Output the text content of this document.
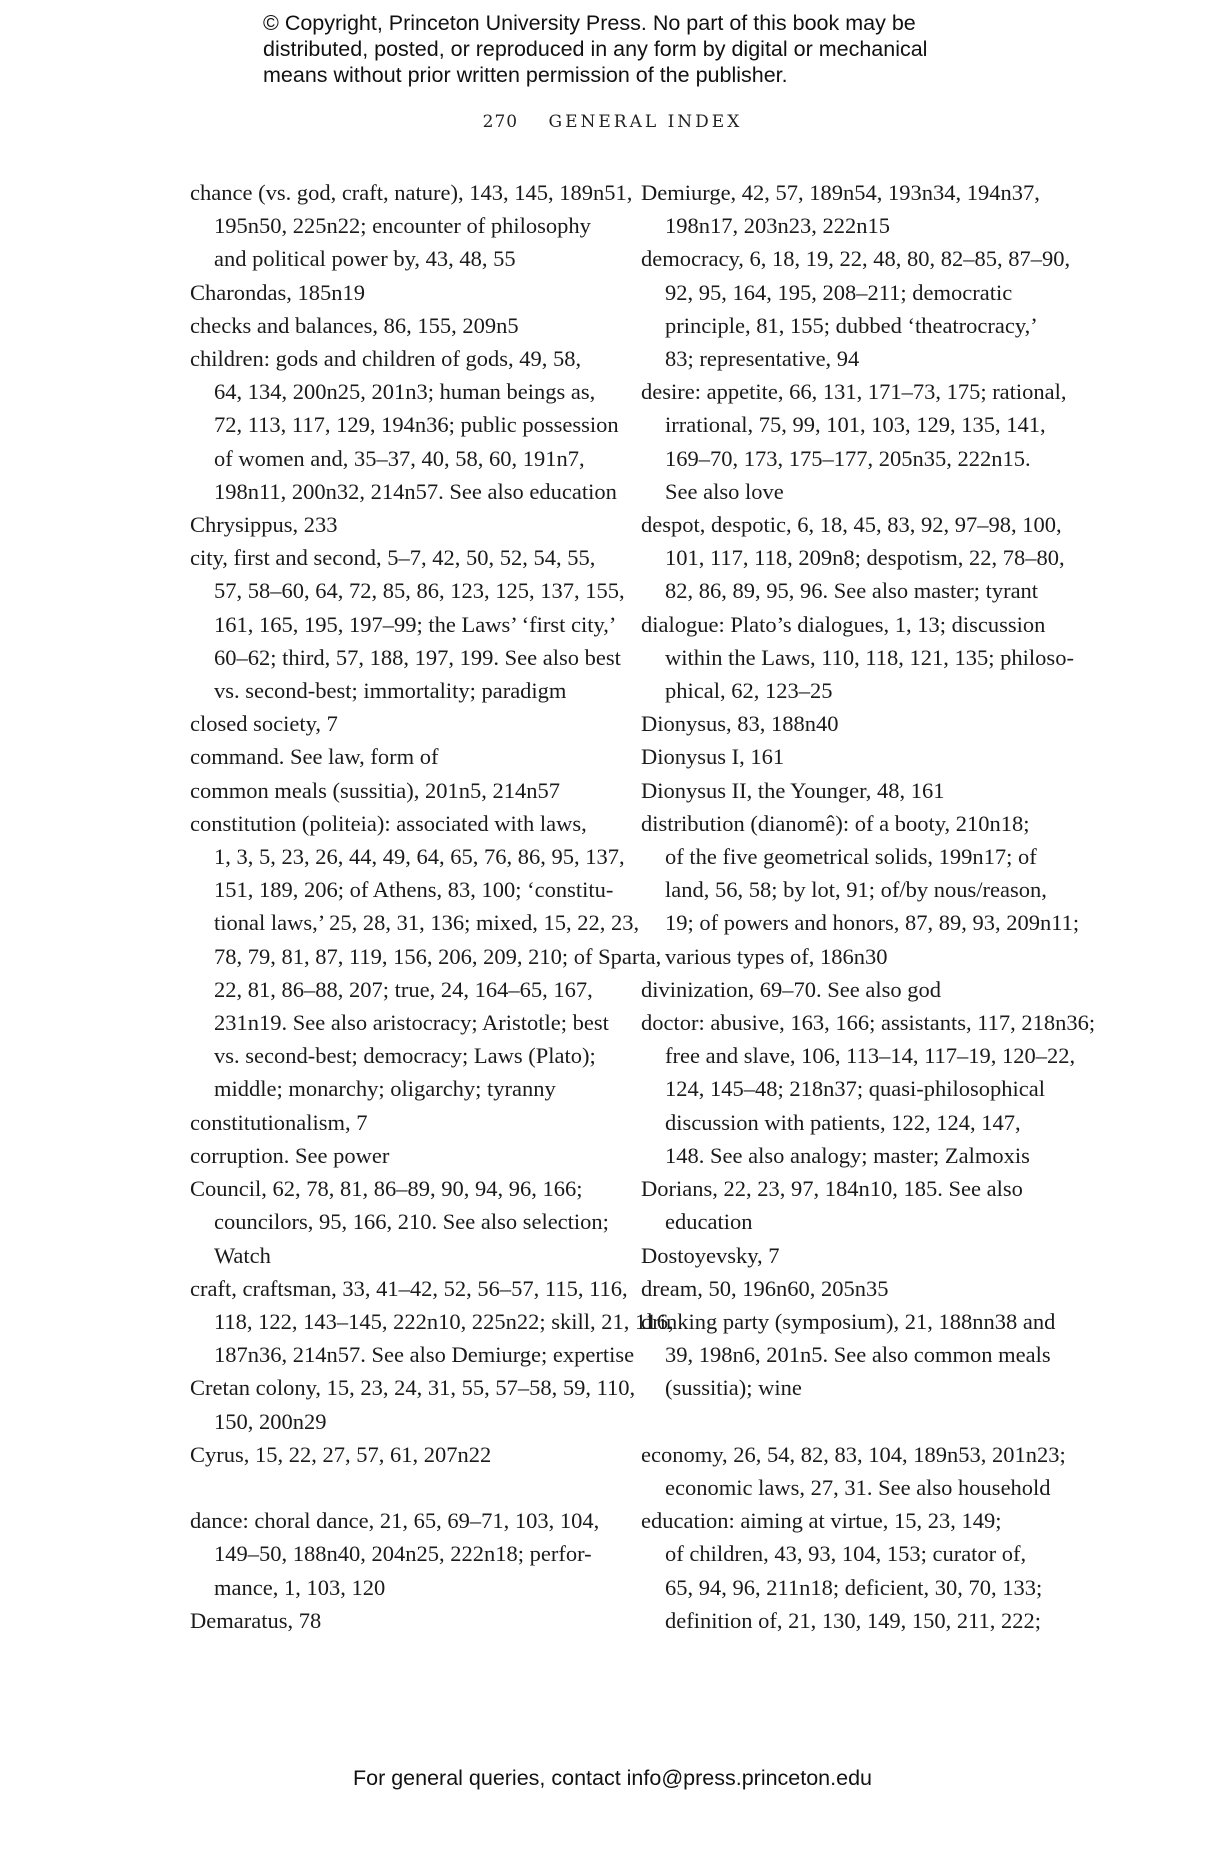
© Copyright, Princeton University Press. No part of this book may be
distributed, posted, or reproduced in any form by digital or mechanical
means without prior written permission of the publisher.
270 GENERAL INDEX
chance (vs. god, craft, nature), 143, 145, 189n51,
195n50, 225n22; encounter of philosophy
and political power by, 43, 48, 55
Charondas, 185n19
checks and balances, 86, 155, 209n5
children: gods and children of gods, 49, 58,
64, 134, 200n25, 201n3; human beings as,
72, 113, 117, 129, 194n36; public possession
of women and, 35–37, 40, 58, 60, 191n7,
198n11, 200n32, 214n57. See also education
Chrysippus, 233
city, first and second, 5–7, 42, 50, 52, 54, 55,
57, 58–60, 64, 72, 85, 86, 123, 125, 137, 155,
161, 165, 195, 197–99; the Laws’ ‘first city,’
60–62; third, 57, 188, 197, 199. See also best
vs. second-best; immortality; paradigm
closed society, 7
command. See law, form of
common meals (sussitia), 201n5, 214n57
constitution (politeia): associated with laws,
1, 3, 5, 23, 26, 44, 49, 64, 65, 76, 86, 95, 137,
151, 189, 206; of Athens, 83, 100; ‘constitu-
tional laws,’ 25, 28, 31, 136; mixed, 15, 22, 23,
78, 79, 81, 87, 119, 156, 206, 209, 210; of Sparta,
22, 81, 86–88, 207; true, 24, 164–65, 167,
231n19. See also aristocracy; Aristotle; best
vs. second-best; democracy; Laws (Plato);
middle; monarchy; oligarchy; tyranny
constitutionalism, 7
corruption. See power
Council, 62, 78, 81, 86–89, 90, 94, 96, 166;
councilors, 95, 166, 210. See also selection;
Watch
craft, craftsman, 33, 41–42, 52, 56–57, 115, 116,
118, 122, 143–145, 222n10, 225n22; skill, 21, 116,
187n36, 214n57. See also Demiurge; expertise
Cretan colony, 15, 23, 24, 31, 55, 57–58, 59, 110,
150, 200n29
Cyrus, 15, 22, 27, 57, 61, 207n22
dance: choral dance, 21, 65, 69–71, 103, 104,
149–50, 188n40, 204n25, 222n18; perfor-
mance, 1, 103, 120
Demaratus, 78
Demiurge, 42, 57, 189n54, 193n34, 194n37,
198n17, 203n23, 222n15
democracy, 6, 18, 19, 22, 48, 80, 82–85, 87–90,
92, 95, 164, 195, 208–211; democratic
principle, 81, 155; dubbed ‘theatrocracy,’
83; representative, 94
desire: appetite, 66, 131, 171–73, 175; rational,
irrational, 75, 99, 101, 103, 129, 135, 141,
169–70, 173, 175–177, 205n35, 222n15.
See also love
despot, despotic, 6, 18, 45, 83, 92, 97–98, 100,
101, 117, 118, 209n8; despotism, 22, 78–80,
82, 86, 89, 95, 96. See also master; tyrant
dialogue: Plato’s dialogues, 1, 13; discussion
within the Laws, 110, 118, 121, 135; philoso-
phical, 62, 123–25
Dionysus, 83, 188n40
Dionysus I, 161
Dionysus II, the Younger, 48, 161
distribution (dianomê): of a booty, 210n18;
of the five geometrical solids, 199n17; of
land, 56, 58; by lot, 91; of/by nous/reason,
19; of powers and honors, 87, 89, 93, 209n11;
various types of, 186n30
divinization, 69–70. See also god
doctor: abusive, 163, 166; assistants, 117, 218n36;
free and slave, 106, 113–14, 117–19, 120–22,
124, 145–48; 218n37; quasi-philosophical
discussion with patients, 122, 124, 147,
148. See also analogy; master; Zalmoxis
Dorians, 22, 23, 97, 184n10, 185. See also
education
Dostoyevsky, 7
dream, 50, 196n60, 205n35
drinking party (symposium), 21, 188nn38 and
39, 198n6, 201n5. See also common meals
(sussitia); wine
economy, 26, 54, 82, 83, 104, 189n53, 201n23;
economic laws, 27, 31. See also household
education: aiming at virtue, 15, 23, 149;
of children, 43, 93, 104, 153; curator of,
65, 94, 96, 211n18; deficient, 30, 70, 133;
definition of, 21, 130, 149, 150, 211, 222;
For general queries, contact info@press.princeton.edu
